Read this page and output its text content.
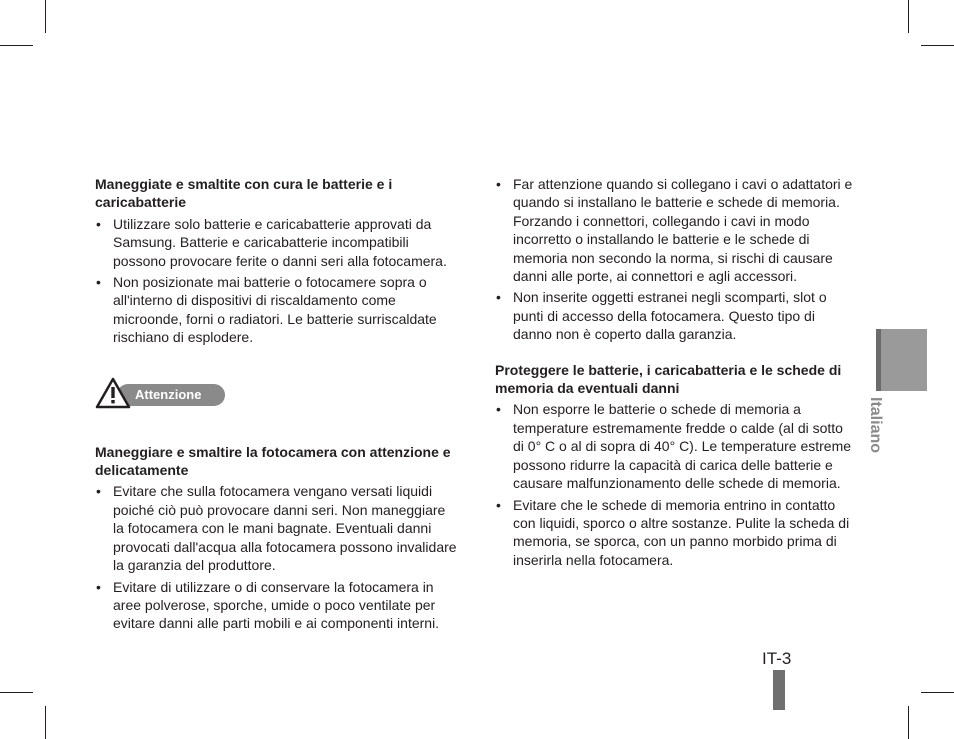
Maneggiate e smaltite con cura le batterie e i caricabatterie
• Utilizzare solo batterie e caricabatterie approvati da Samsung. Batterie e caricabatterie incompatibili possono provocare ferite o danni seri alla fotocamera.
• Non posizionate mai batterie o fotocamere sopra o all'interno di dispositivi di riscaldamento come microonde, forni o radiatori. Le batterie surriscaldate rischiano di esplodere.
Attenzione
Maneggiare e smaltire la fotocamera con attenzione e delicatamente
• Evitare che sulla fotocamera vengano versati liquidi poiché ciò può provocare danni seri. Non maneggiare la fotocamera con le mani bagnate. Eventuali danni provocati dall'acqua alla fotocamera possono invalidare la garanzia del produttore.
• Evitare di utilizzare o di conservare la fotocamera in aree polverose, sporche, umide o poco ventilate per evitare danni alle parti mobili e ai componenti interni.
• Far attenzione quando si collegano i cavi o adattatori e quando si installano le batterie e schede di memoria. Forzando i connettori, collegando i cavi in modo incorretto o installando le batterie e le schede di memoria non secondo la norma, si rischi di causare danni alle porte, ai connettori e agli accessori.
• Non inserite oggetti estranei negli scomparti, slot o punti di accesso della fotocamera. Questo tipo di danno non è coperto dalla garanzia.
Proteggere le batterie, i caricabatteria e le schede di memoria da eventuali danni
• Non esporre le batterie o schede di memoria a temperature estremamente fredde o calde (al di sotto di 0° C o al di sopra di 40° C). Le temperature estreme possono ridurre la capacità di carica delle batterie e causare malfunzionamento delle schede di memoria.
• Evitare che le schede di memoria entrino in contatto con liquidi, sporco o altre sostanze. Pulite la scheda di memoria, se sporca, con un panno morbido prima di inserirla nella fotocamera.
Italiano
IT-3
